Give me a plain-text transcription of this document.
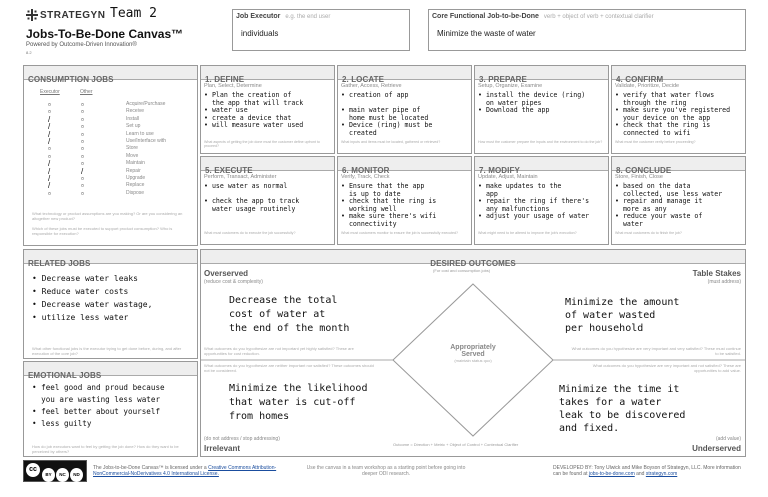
STRATEGYN Team 2
Jobs-To-Be-Done Canvas™
Powered by Outcome-Driven Innovation®
8.2
Job Executor e.g. the end user
individuals
Core Functional Job-to-be-Done verb + object of verb + contextual clarifier
Minimize the waste of water
CONSUMPTION JOBS
Executor	Other
▫	▫	Acquire/Purchase
▫	▫	Receive
/	▫	Install
/	▫	Set up
/	▫	Learn to use
/	▫	Use/Interface with
▫	▫	Store
▫	▫	Move
/	▫	Maintain
/	/	Repair
/	▫	Upgrade
/	▫	Replace
▫	▫	Dispose
What technology or product assumptions are you making? Or are you considering an altogether new product?
Which of these jobs must be executed to support product consumption? Who is responsible for execution?
1. DEFINE
Plan, Select, Determine
• Plan the creation of
the app that will track
• water use
• create a device that
• will measure water used
What aspects of getting the job done must the customer define upfront to proceed?
2. LOCATE
Gather, Access, Retrieve
• creation of app
• main water pipe of
home must be located
• Device (ring) must be
created
What inputs and items must be located, gathered or retrieved?
3. PREPARE
Setup, Organize, Examine
• install the device (ring)
on water pipes
• Download the app
How must the customer prepare the inputs and the environment to do the job?
4. CONFIRM
Validate, Prioritize, Decide
• verify that water flows
through the ring
• make sure you've registered
your device on the app
• check that the ring is
connected to wifi
What must the customer verify before proceeding?
5. EXECUTE
Perform, Transact, Administer
• use water as normal
• check the app to track
water usage routinely
What must customers do to execute the job successfully?
6. MONITOR
Verify, Track, Check
• Ensure that the app
is up to date
• check that the ring is
working well
• make sure there's wifi
connectivity
What must customers monitor to ensure the job is successfully executed?
7. MODIFY
Update, Adjust, Maintain
• make updates to the
app
• repair the ring if there's
any malfunctions
• adjust your usage of water
What might need to be altered to improve the job's execution?
8. CONCLUDE
Store, Finish, Close
• based on the data
collected, use less water
• repair and manage it
more as any
• reduce your waste of
water
What must customers do to finish the job?
RELATED JOBS
• Decrease water leaks
• Reduce water costs
• Decrease water wastage,
• utilize less water
What other functional jobs is the executor trying to get done before, during, and after execution of the core job?
EMOTIONAL JOBS
• feel good and proud because
you are wasting less water
• feel better about yourself
• less guilty
How do job executors want to feel by getting the job done? How do they want to be perceived by others?
DESIRED OUTCOMES
(For cost and consumption jobs)
Overserved
(reduce cost & complexity)
Table Stakes
(must address)
Irrelevant
(do not address / stop addressing)
Underserved
(add value)
Appropriately
Served
(maintain status quo)
What outcomes do you hypothesize are not important yet highly satisfied? These are opportunities for cost reduction.
What outcomes do you hypothesize are very important and very satisfied? These must continue to be satisfied.
What outcomes do you hypothesize are neither important nor satisfied? These outcomes should not be considered.
What outcomes do you hypothesize are very important and not satisfied? These are opportunities to add value.
Outcome = Direction + Metric + Object of Control + Contextual Clarifier
Decrease the total
cost of water at
the end of the month
Minimize the amount
of water wasted
per household
Minimize the likelihood
that water is cut-off
from homes
Minimize the time it
takes for a water
leak to be discovered
and fixed.
cc
BY NC ND
The Jobs-to-be-Done Canvas™ is licensed under a Creative Commons Attribution-NonCommercial-NoDerivatives 4.0 International License.
Use the canvas in a team workshop as a starting point before going into deeper ODI research.
DEVELOPED BY: Tony Ulwick and Mike Boyson of Strategyn, LLC. More information can be found at jobs-to-be-done.com and strategyn.com
